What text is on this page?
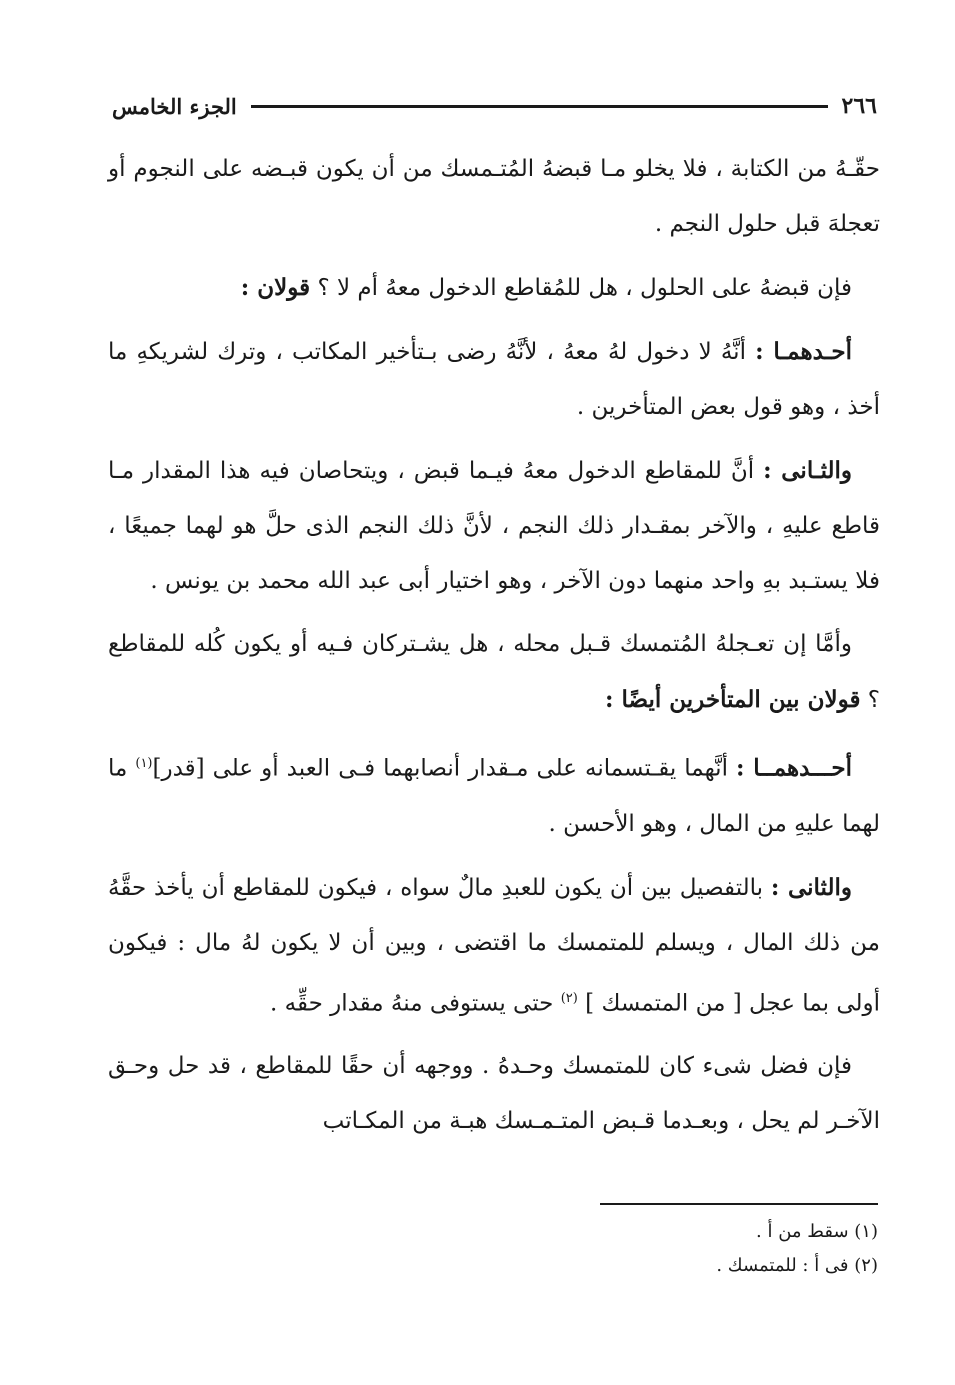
٢٦٦
الجزء الخامس

حقّـهُ من الكتابة ، فلا يخلو مـا قبضهُ المُتـمسك من أن يكون قبـضه على النجوم أو تعجلهَ قبل حلول النجم .

فإن قبضهُ على الحلول ، هل للمُقاطع الدخول معهُ أم لا ؟ قولان :

أحـدهمـا : أنَّهُ لا دخول لهُ معهُ ، لأنَّهُ رضى بـتأخير المكاتب ، وترك لشريكهِ ما أخذ ، وهو قول بعض المتأخرين .

والثـانى : أنَّ للمقاطع الدخول معهُ فيـما قبض ، ويتحاصان فيه هذا المقدار مـا قاطع عليهِ ، والآخر بمقـدار ذلك النجم ، لأنَّ ذلك النجم الذى حلَّ هو لهما جميعًا ، فلا يستـبد بهِ واحد منهما دون الآخر ، وهو اختيار أبى عبد الله محمد بن يونس .

وأمَّا إن تعـجلهُ المُتمسك قـبل محله ، هل يشـتركان فـيه أو يكون كُله للمقاطع ؟ قولان بين المتأخرين أيضًا :

أحـــدهمــا : أنَّهما يقـتسمانه على مـقدار أنصابهما فـى العبد أو على [قدر]$^{(١)}$ ما لهما عليهِ من المال ، وهو الأحسن .

والثانى : بالتفصيل بين أن يكون للعبدِ مالٌ سواه ، فيكون للمقاطع أن يأخذ حقَّهُ من ذلك المال ، ويسلم للمتمسك ما اقتضى ، وبين أن لا يكون لهُ مال : فيكون أولى بما عجل [ من المتمسك ] $^{(٢)}$ حتى يستوفى منهُ مقدار حقِّه .

فإن فضل شىء كان للمتمسك وحـدهُ . ووجهه أن حقًا للمقاطع ، قد حل وحـق الآخـر لم يحل ، وبعـدما قـبض المتـمـسك هبـة من المكـاتب

(١) سقط من أ .
(٢) فى أ : للمتمسك .
